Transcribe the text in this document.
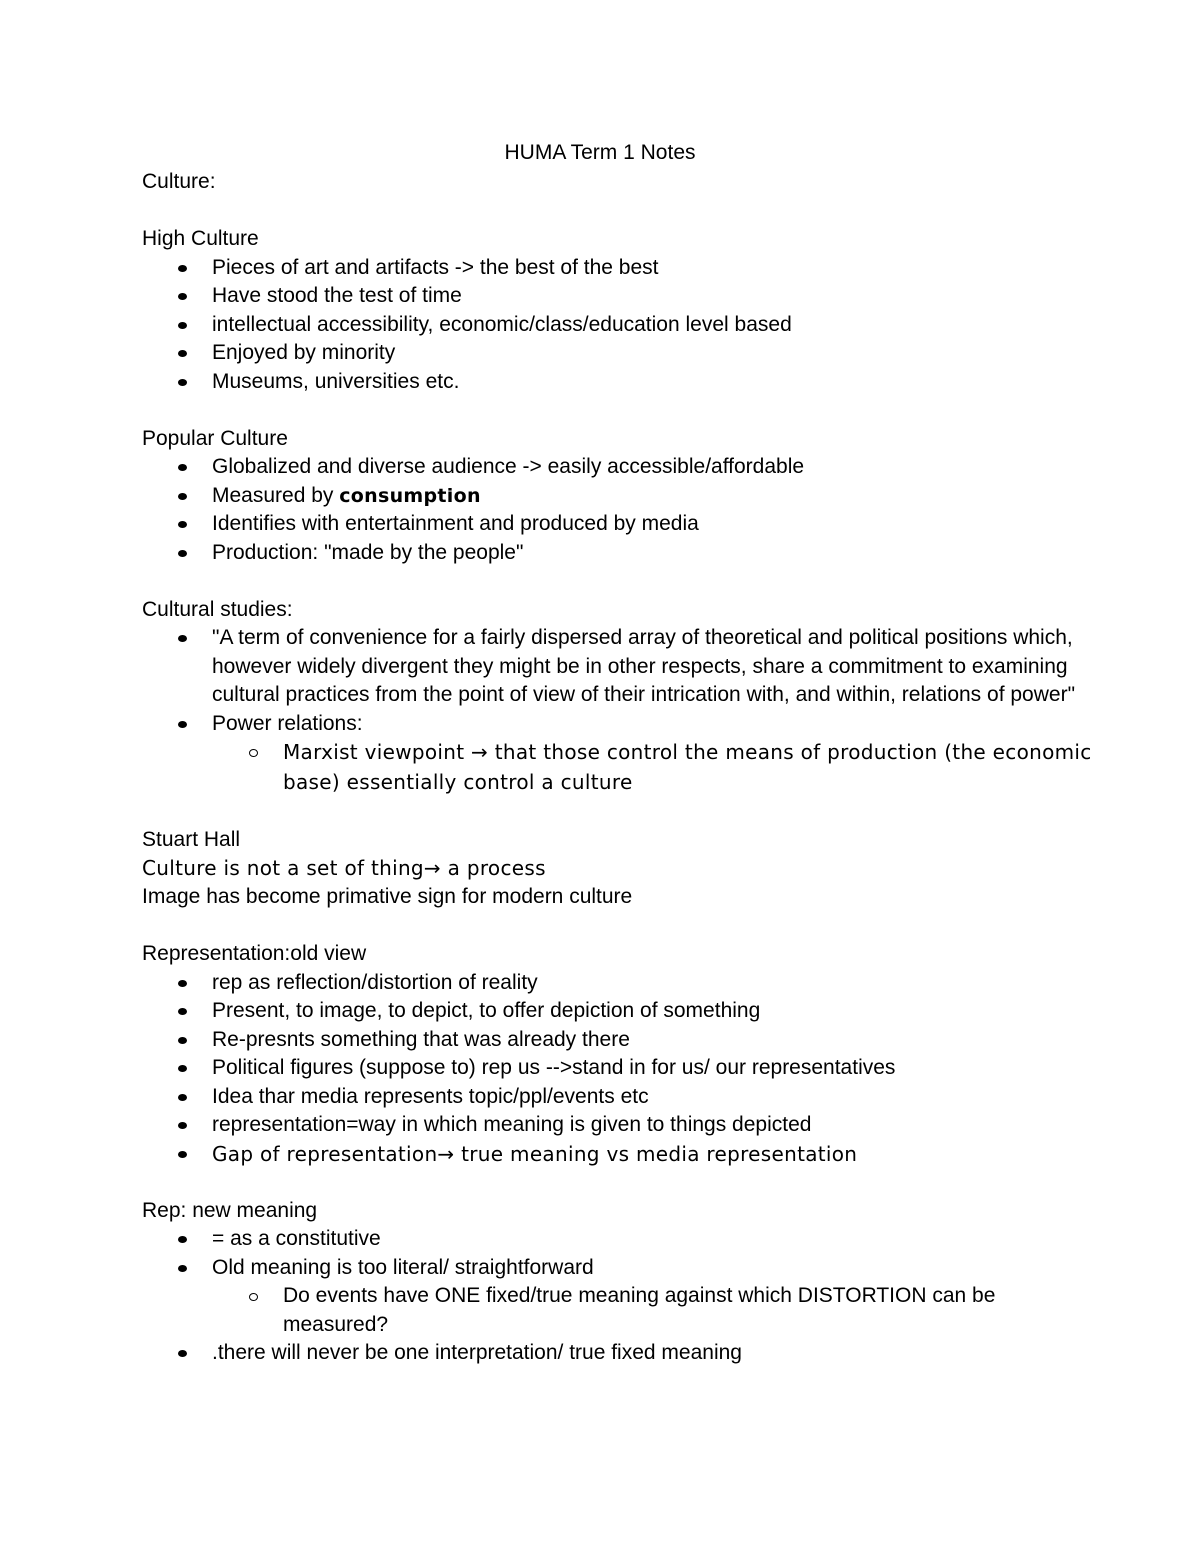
HUMA Term 1 Notes

Culture:

High Culture

Pieces of art and artifacts -> the best of the best
Have stood the test of time
intellectual accessibility, economic/class/education level based
Enjoyed by minority
Museums, universities etc.

Popular Culture

Globalized and diverse audience -> easily accessible/affordable
Measured by consumption
Identifies with entertainment and produced by media
Production: "made by the people"

Cultural studies:

"A term of convenience for a fairly dispersed array of theoretical and political positions which, however widely divergent they might be in other respects, share a commitment to examining cultural practices from the point of view of their intrication with, and within, relations of power"
Power relations:
Marxist viewpoint → that those control the means of production (the economic base) essentially control a culture

Stuart Hall

Culture is not a set of thing→ a process

Image has become primative sign for modern culture

Representation:old view

rep as reflection/distortion of reality
Present, to image, to depict, to offer depiction of something
Re-presnts something that was already there
Political figures (suppose to) rep us -->stand in for us/ our representatives
Idea thar media represents topic/ppl/events etc
representation=way in which meaning is given to things depicted
Gap of representation→ true meaning vs media representation

Rep: new meaning

= as a constitutive
Old meaning is too literal/ straightforward
Do events have ONE fixed/true meaning against which DISTORTION can be measured?
.there will never be one interpretation/ true fixed meaning
